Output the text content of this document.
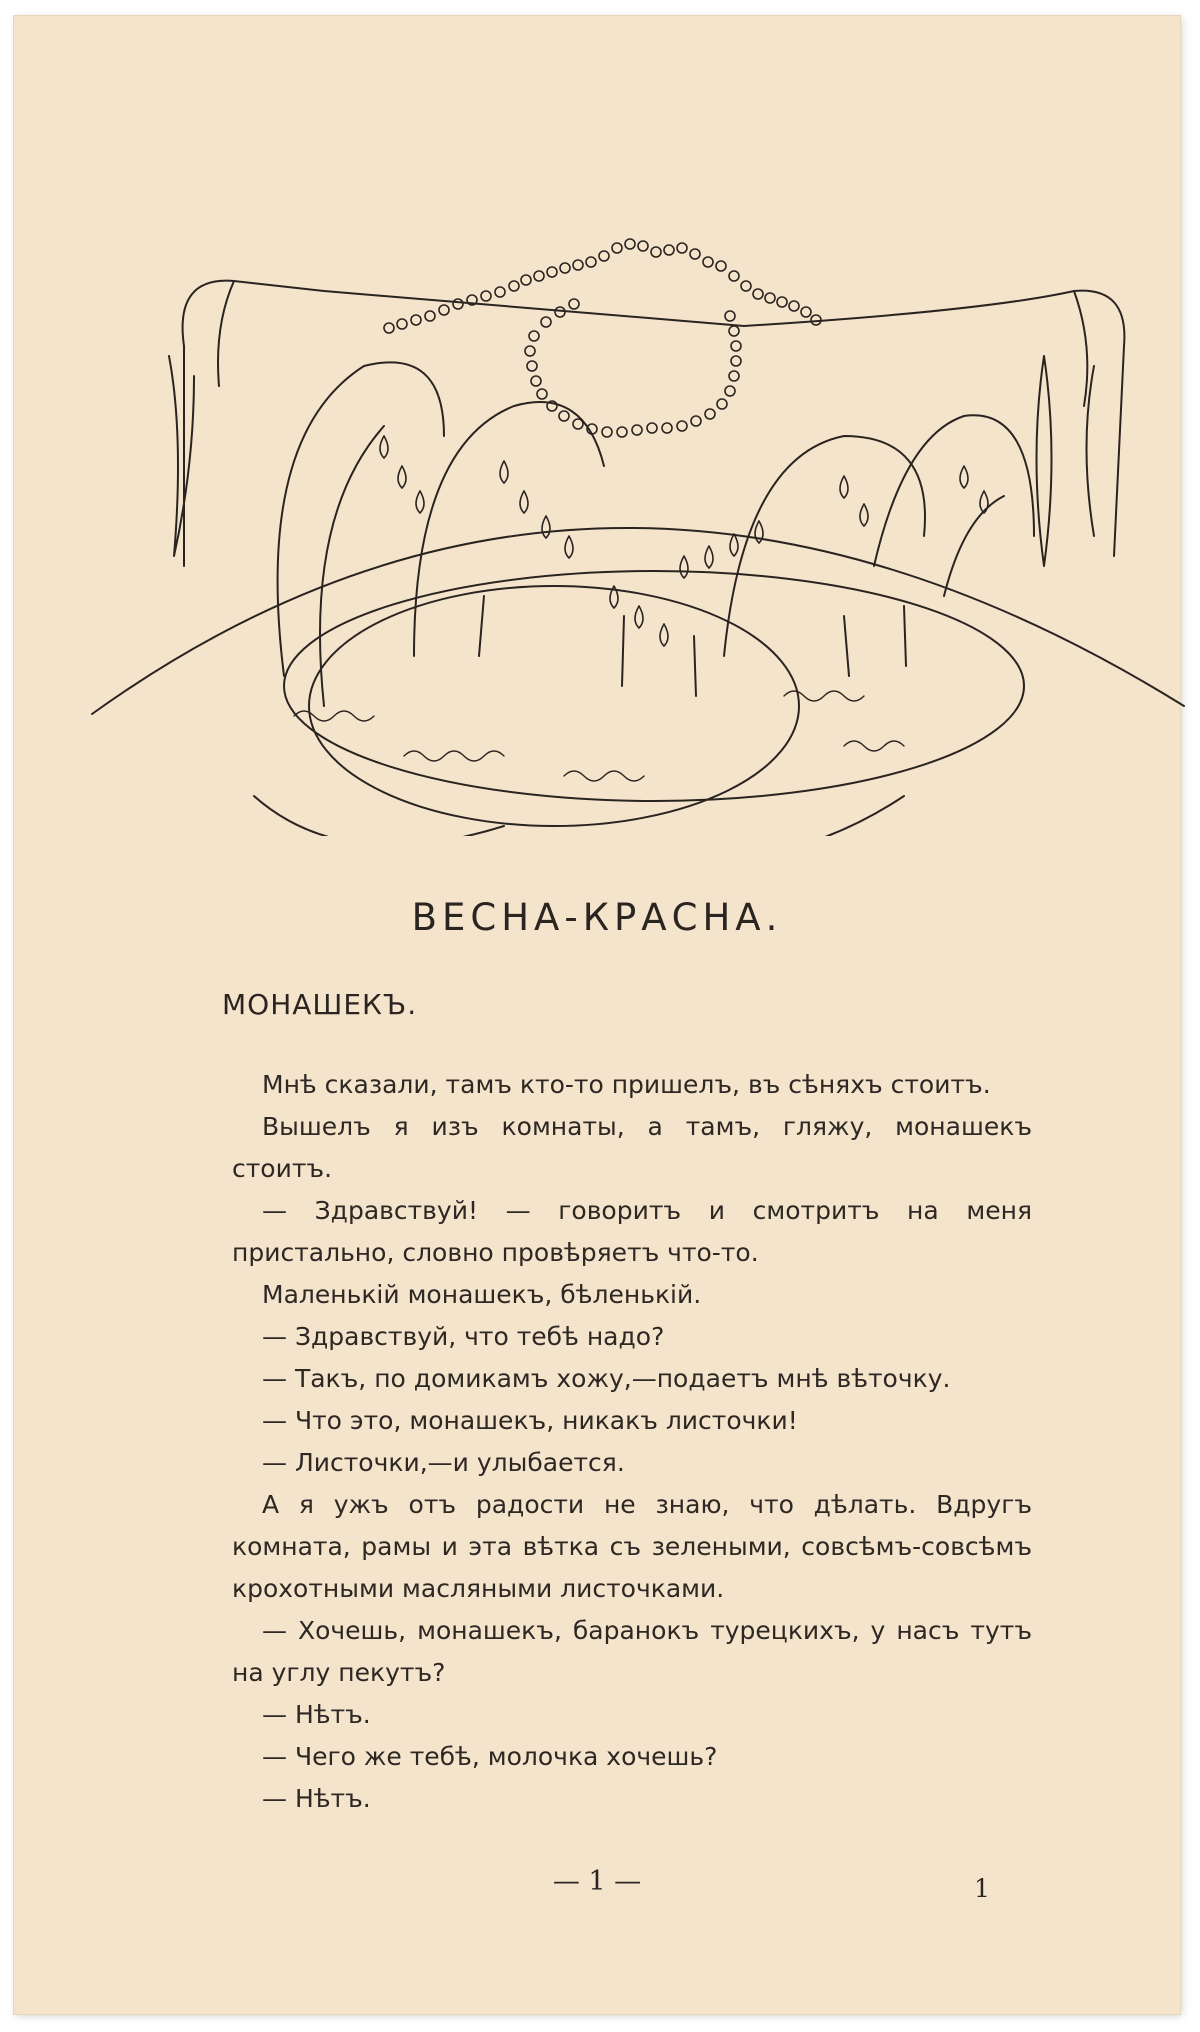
ВЕСНА-КРАСНА.
МОНАШЕКЪ.

Мнѣ сказали, тамъ кто-то пришелъ, въ сѣняхъ стоитъ.

Вышелъ я изъ комнаты, а тамъ, гляжу, монашекъ стоитъ.

— Здравствуй! — говоритъ и смотритъ на меня пристально, словно провѣряетъ что-то.

Маленькій монашекъ, бѣленькій.

— Здравствуй, что тебѣ надо?

— Такъ, по домикамъ хожу,—подаетъ мнѣ вѣточку.

— Что это, монашекъ, никакъ листочки!

— Листочки,—и улыбается.

А я ужъ отъ радости не знаю, что дѣлать. Вдругъ комната, рамы и эта вѣтка съ зелеными, совсѣмъ-совсѣмъ крохотными масляными листочками.

— Хочешь, монашекъ, баранокъ турецкихъ, у насъ тутъ на углу пекутъ?

— Нѣтъ.

— Чего же тебѣ, молочка хочешь?

— Нѣтъ.

— 1 —	1
